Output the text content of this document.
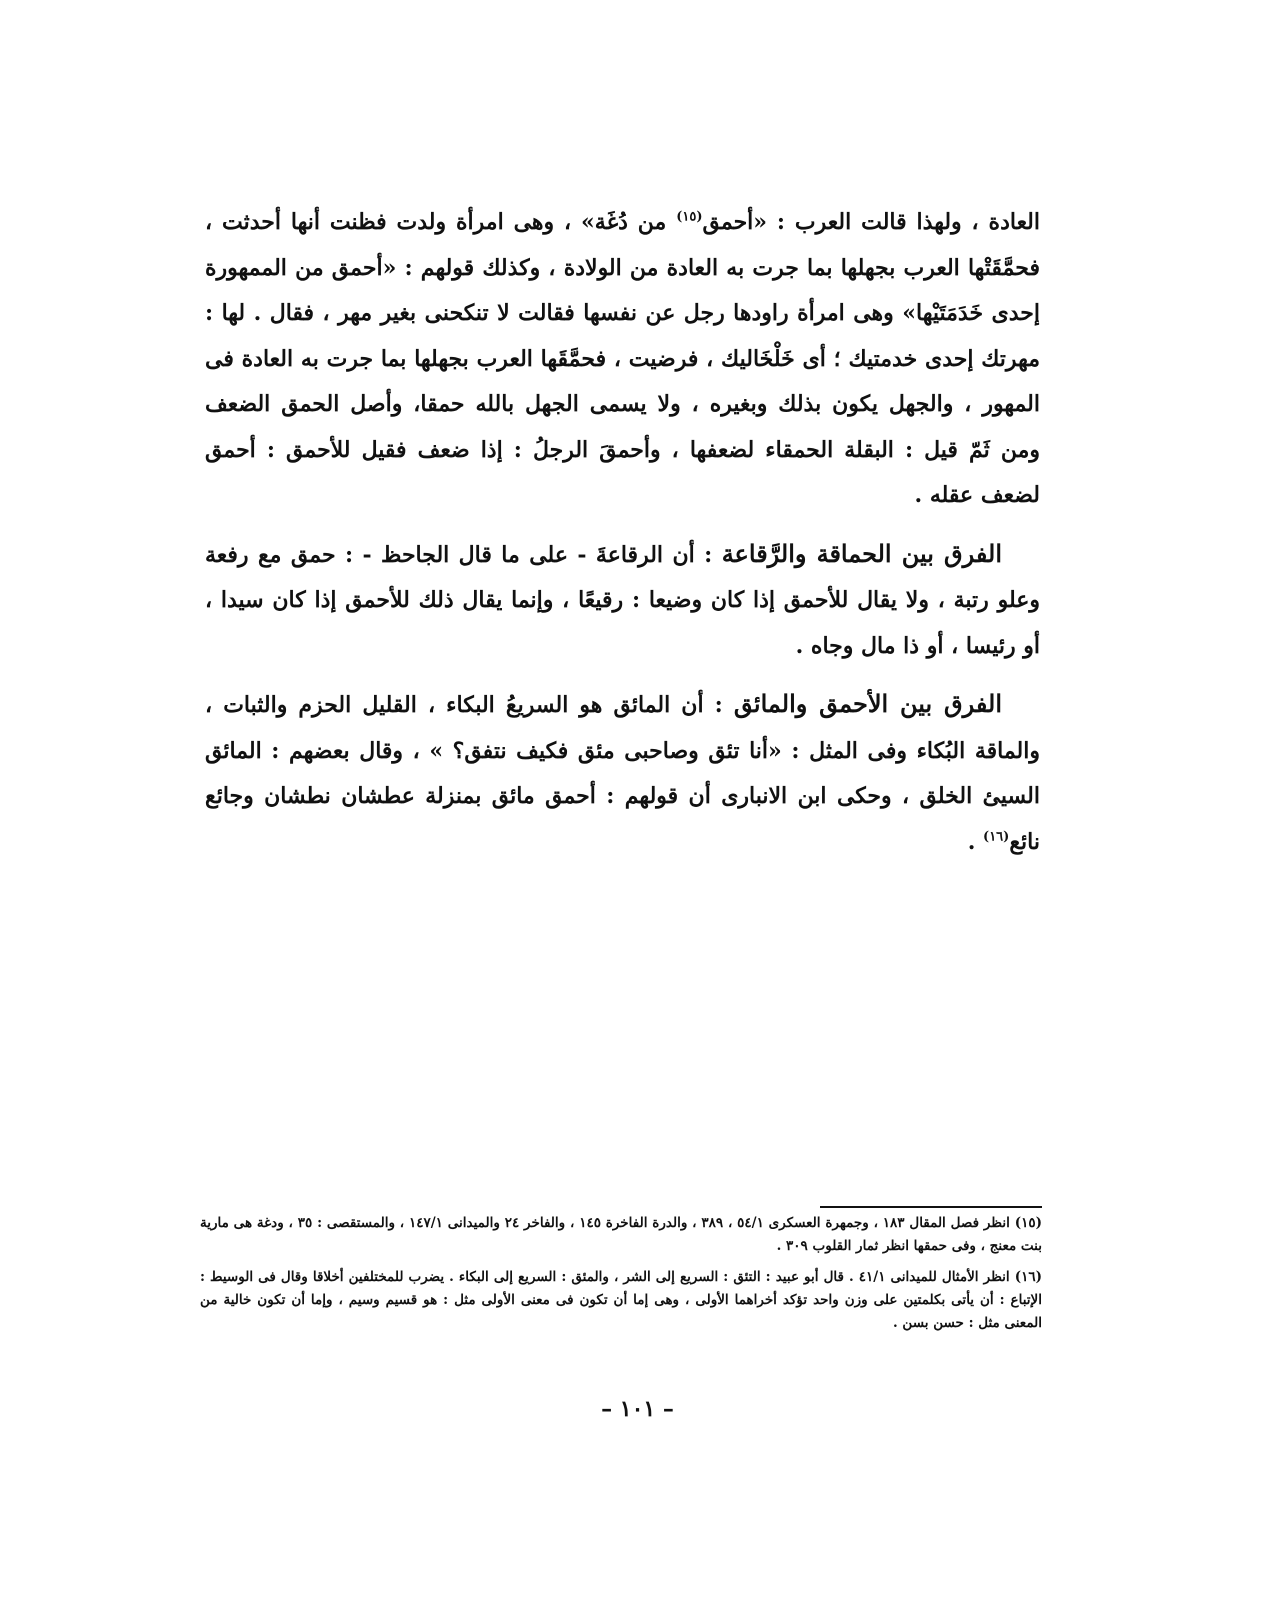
العادة ، ولهذا قالت العرب : «أحمق$^{(١٥)}$ من دُغَة» ، وهى امرأة ولدت فظنت أنها أحدثت ، فحمَّقَتْها العرب بجهلها بما جرت به العادة من الولادة ، وكذلك قولهم : «أحمق من الممهورة إحدى خَدَمَتَيْها» وهى امرأة راودها رجل عن نفسها فقالت لا تنكحنى بغير مهر ، فقال . لها : مهرتك إحدى خدمتيك ؛ أى خَلْخَاليك ، فرضيت ، فحمَّقَها العرب بجهلها بما جرت به العادة فى المهور ، والجهل يكون بذلك وبغيره ، ولا يسمى الجهل بالله حمقا، وأصل الحمق الضعف ومن ثَمّ قيل : البقلة الحمقاء لضعفها ، وأحمقَ الرجلُ : إذا ضعف فقيل للأحمق : أحمق لضعف عقله .

الفرق بين الحماقة والرَّقاعة : أن الرقاعةَ - على ما قال الجاحظ - : حمق مع رفعة وعلو رتبة ، ولا يقال للأحمق إذا كان وضيعا : رقيعًا ، وإنما يقال ذلك للأحمق إذا كان سيدا ، أو رئيسا ، أو ذا مال وجاه .

الفرق بين الأحمق والمائق : أن المائق هو السريعُ البكاء ، القليل الحزم والثبات ، والماقة البُكاء وفى المثل : «أنا تئق وصاحبى مئق فكيف نتفق؟ » ، وقال بعضهم : المائق السيئ الخلق ، وحكى ابن الانبارى أن قولهم : أحمق مائق بمنزلة عطشان نطشان وجائع نائع$^{(١٦)}$ .

(١٥) انظر فصل المقال ١٨٣ ، وجمهرة العسكرى ٥٤/١ ، ٣٨٩ ، والدرة الفاخرة ١٤٥ ، والفاخر ٢٤ والميدانى ١٤٧/١ ، والمستقصى : ٣٥ ، ودغة هى مارية بنت معنج ، وفى حمقها انظر ثمار القلوب ٣٠٩ .

(١٦) انظر الأمثال للميدانى ٤١/١ . قال أبو عبيد : التئق : السريع إلى الشر ، والمئق : السريع إلى البكاء . يضرب للمختلفين أخلاقا وقال فى الوسيط : الإتباع : أن يأتى بكلمتين على وزن واحد تؤكد أخراهما الأولى ، وهى إما أن تكون فى معنى الأولى مثل : هو قسيم وسيم ، وإما أن تكون خالية من المعنى مثل : حسن بسن .

– ١٠١ –
